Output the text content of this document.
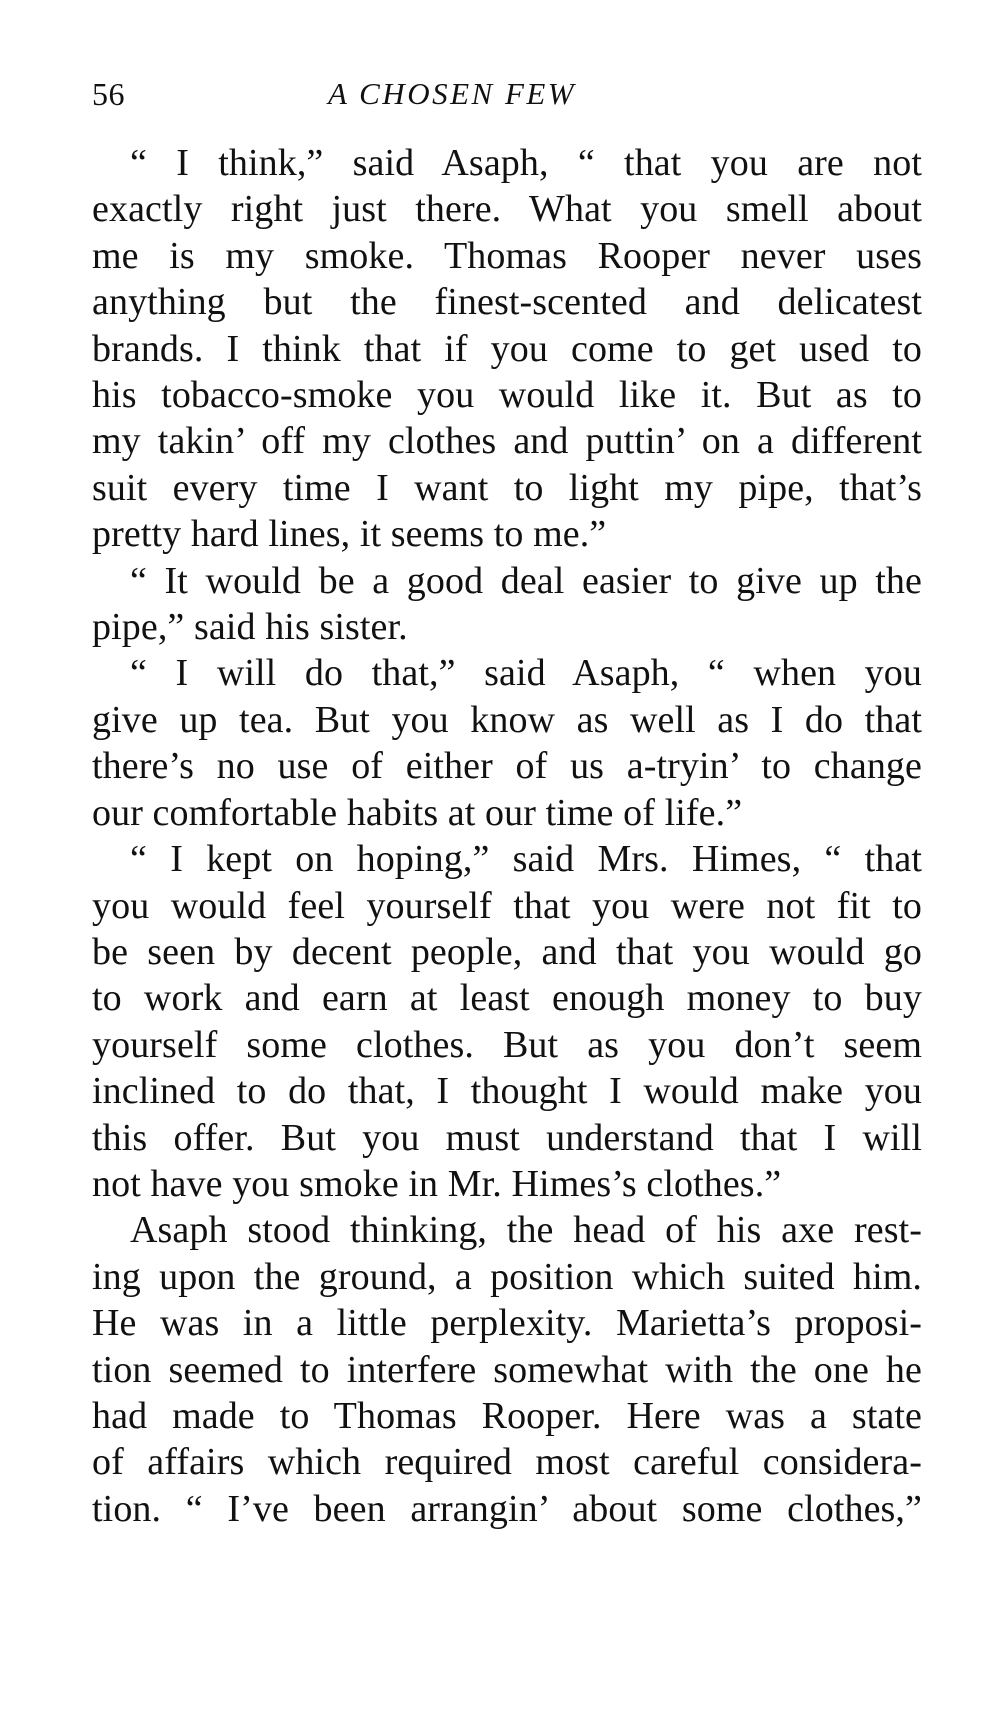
56	A CHOSEN FEW

“ I think,” said Asaph, “ that you are not
exactly right just there. What you smell about
me is my smoke. Thomas Rooper never uses
anything but the finest-scented and delicatest
brands. I think that if you come to get used to
his tobacco-smoke you would like it. But as to
my takin’ off my clothes and puttin’ on a different
suit every time I want to light my pipe, that’s
pretty hard lines, it seems to me.”

“ It would be a good deal easier to give up the
pipe,” said his sister.

“ I will do that,” said Asaph, “ when you
give up tea. But you know as well as I do that
there’s no use of either of us a-tryin’ to change
our comfortable habits at our time of life.”

“ I kept on hoping,” said Mrs. Himes, “ that
you would feel yourself that you were not fit to
be seen by decent people, and that you would go
to work and earn at least enough money to buy
yourself some clothes. But as you don’t seem
inclined to do that, I thought I would make you
this offer. But you must understand that I will
not have you smoke in Mr. Himes’s clothes.”

Asaph stood thinking, the head of his axe rest-
ing upon the ground, a position which suited him.
He was in a little perplexity. Marietta’s proposi-
tion seemed to interfere somewhat with the one he
had made to Thomas Rooper. Here was a state
of affairs which required most careful considera-
tion. “ I’ve been arrangin’ about some clothes,”
